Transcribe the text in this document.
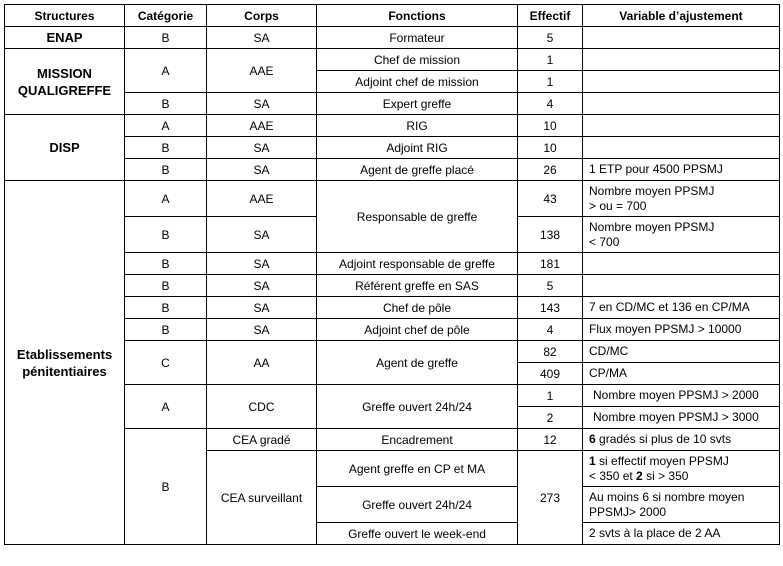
Structures	Catégorie	Corps	Fonctions	Effectif	Variable d’ajustement
ENAP	B	SA	Formateur	5	
MISSION QUALIGREFFE	A	AAE	Chef de mission	1	
			Adjoint chef de mission	1	
	B	SA	Expert greffe	4	
DISP	A	AAE	RIG	10	
	B	SA	Adjoint RIG	10	
	B	SA	Agent de greffe placé	26	1 ETP pour 4500 PPSMJ
Etablissements pénitentiaires	A	AAE	Responsable de greffe	43	Nombre moyen PPSMJ
> ou = 700
	B	SA		138	Nombre moyen PPSMJ
< 700
	B	SA	Adjoint responsable de greffe	181	
	B	SA	Référent greffe en SAS	5	
	B	SA	Chef de pôle	143	7 en CD/MC et 136 en CP/MA
	B	SA	Adjoint chef de pôle	4	Flux moyen PPSMJ > 10000
	C	AA	Agent de greffe	82	CD/MC
				409	CP/MA
	A	CDC	Greffe ouvert 24h/24	1	Nombre moyen PPSMJ > 2000
				2	Nombre moyen PPSMJ > 3000
	B	CEA gradé	Encadrement	12	6 gradés si plus de 10 svts
		CEA surveillant	Agent greffe en CP et MA	273	1 si effectif moyen PPSMJ
< 350 et 2 si > 350
			Greffe ouvert 24h/24		Au moins 6 si nombre moyen
PPSMJ> 2000
			Greffe ouvert le week-end		2 svts à la place de 2 AA
